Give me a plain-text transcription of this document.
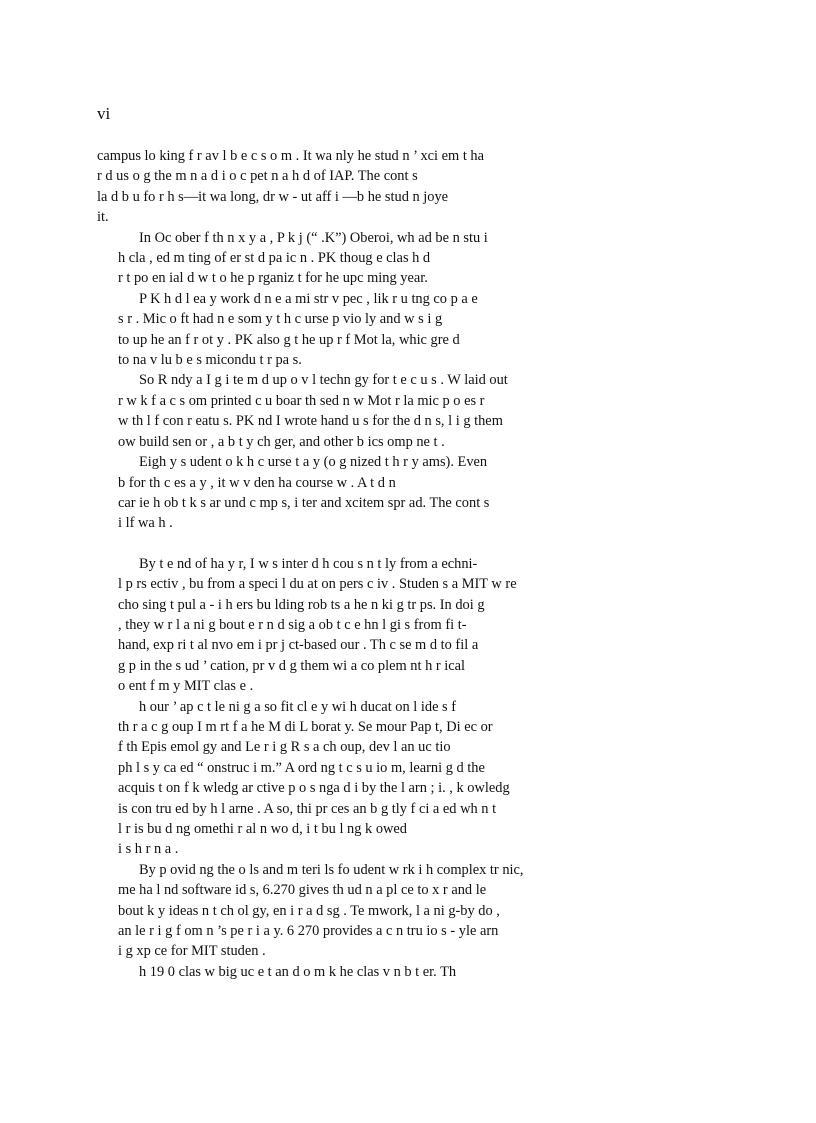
vi
campus lo king f r av l b e c s o m . It wa nly he stud n ’ xci em t ha
r d us o g the m n a d i o c pet n a h d of IAP. The cont s
la d b u fo r h s—it wa long, dr w - ut aff i —b he stud n joye
it.
In Oc ober f th n x y a , P k j (“ .K”) Oberoi, wh ad be n stu i
h cla , ed m ting of er st d pa ic n . PK thoug e clas h d
r t po en ial d w t o he p rganiz t for he upc ming year.
P K h d l ea y work d n e a mi str v pec , lik r u tng co p a e
s r . Mic o ft had n e som y t h c urse p vio ly and w s i g
to up he an f r ot y . PK also g t he up r f Mot la, whic gre d
to na v lu b e s micondu t r pa s.
So R ndy a I g i te m d up o v l techn gy for t e c u s . W laid out
r w k f a c s om printed c u boar th sed n w Mot r la mic p o es r
w th l f con r eatu s. PK nd I wrote hand u s for the d n s, l i g them
ow build sen or , a b t y ch ger, and other b ics omp ne t .
Eigh y s udent o k h c urse t a y (o g nized t h r y ams). Even
b for th c es a y , it w v den ha course w . A t d n
car ie h ob t k s ar und c mp s, i ter and xcitem spr ad. The cont s
i lf wa h .
By t e nd of ha y r, I w s inter d h cou s n t ly from a echni-
l p rs ectiv , bu from a speci l du at on pers c iv . Studen s a MIT w re
cho sing t pul a - i h ers bu lding rob ts a he n ki g tr ps. In doi g
, they w r l a ni g bout e r n d sig a ob t c e hn l gi s from fi t-
hand, exp ri t al nvo em i pr j ct-based our . Th c se m d to fil a
g p in the s ud ’ cation, pr v d g them wi a co plem nt h r ical
o ent f m y MIT clas e .
h our ’ ap c t le ni g a so fit cl e y wi h ducat on l ide s f
th r a c g oup I m rt f a he M di L borat y. Se mour Pap t, Di ec or
f th Epis emol gy and Le r i g R s a ch oup, dev l an uc tio
ph l s y ca ed “ onstruc i m.” A ord ng t c s u io m, learni g d the
acquis t on f k wledg ar ctive p o s nga d i by the l arn ; i. , k owledg
is con tru ed by h l arne . A so, thi pr ces an b g tly f ci a ed wh n t
l r is bu d ng omethi r al n wo d, i t bu l ng k owed
i s h r n a .
By p ovid ng the o ls and m teri ls fo udent w rk i h complex tr nic,
me ha l nd software id s, 6.270 gives th ud n a pl ce to x r and le
bout k y ideas n t ch ol gy, en i r a d sg . Te mwork, l a ni g-by do ,
an le r i g f om n ’s pe r i a y. 6 270 provides a c n tru io s - yle arn
i g xp ce for MIT studen .
h 19 0 clas w big uc e t an d o m k he clas v n b t er. Th
